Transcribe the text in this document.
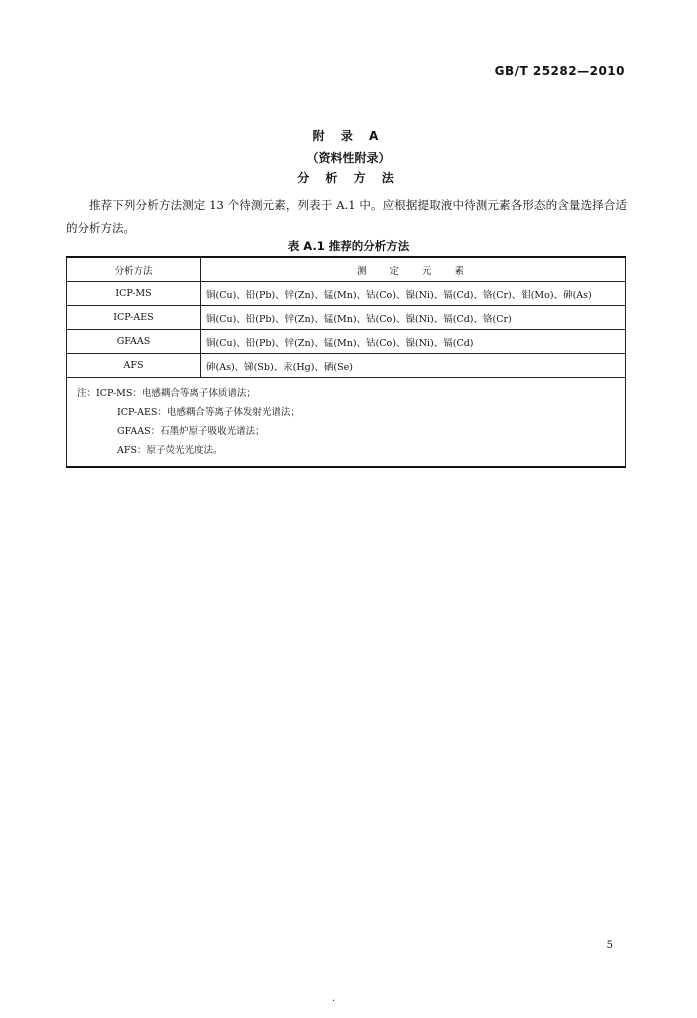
GB/T 25282—2010
附 录 A
（资料性附录）
分 析 方 法

推荐下列分析方法测定 13 个待测元素，列表于 A.1 中。应根据提取液中待测元素各形态的含量选择合适的分析方法。

表 A.1 推荐的分析方法
分析方法	测 定 元 素
ICP-MS	铜(Cu)、铅(Pb)、锌(Zn)、锰(Mn)、钴(Co)、镍(Ni)、镉(Cd)、铬(Cr)、钼(Mo)、砷(As)
ICP-AES	铜(Cu)、铅(Pb)、锌(Zn)、锰(Mn)、钴(Co)、镍(Ni)、镉(Cd)、铬(Cr)
GFAAS	铜(Cu)、铅(Pb)、锌(Zn)、锰(Mn)、钴(Co)、镍(Ni)、镉(Cd)
AFS	砷(As)、锑(Sb)、汞(Hg)、硒(Se)

注：ICP-MS：电感耦合等离子体质谱法；
ICP-AES：电感耦合等离子体发射光谱法；
GFAAS：石墨炉原子吸收光谱法；
AFS：原子荧光光度法。	
5
.
